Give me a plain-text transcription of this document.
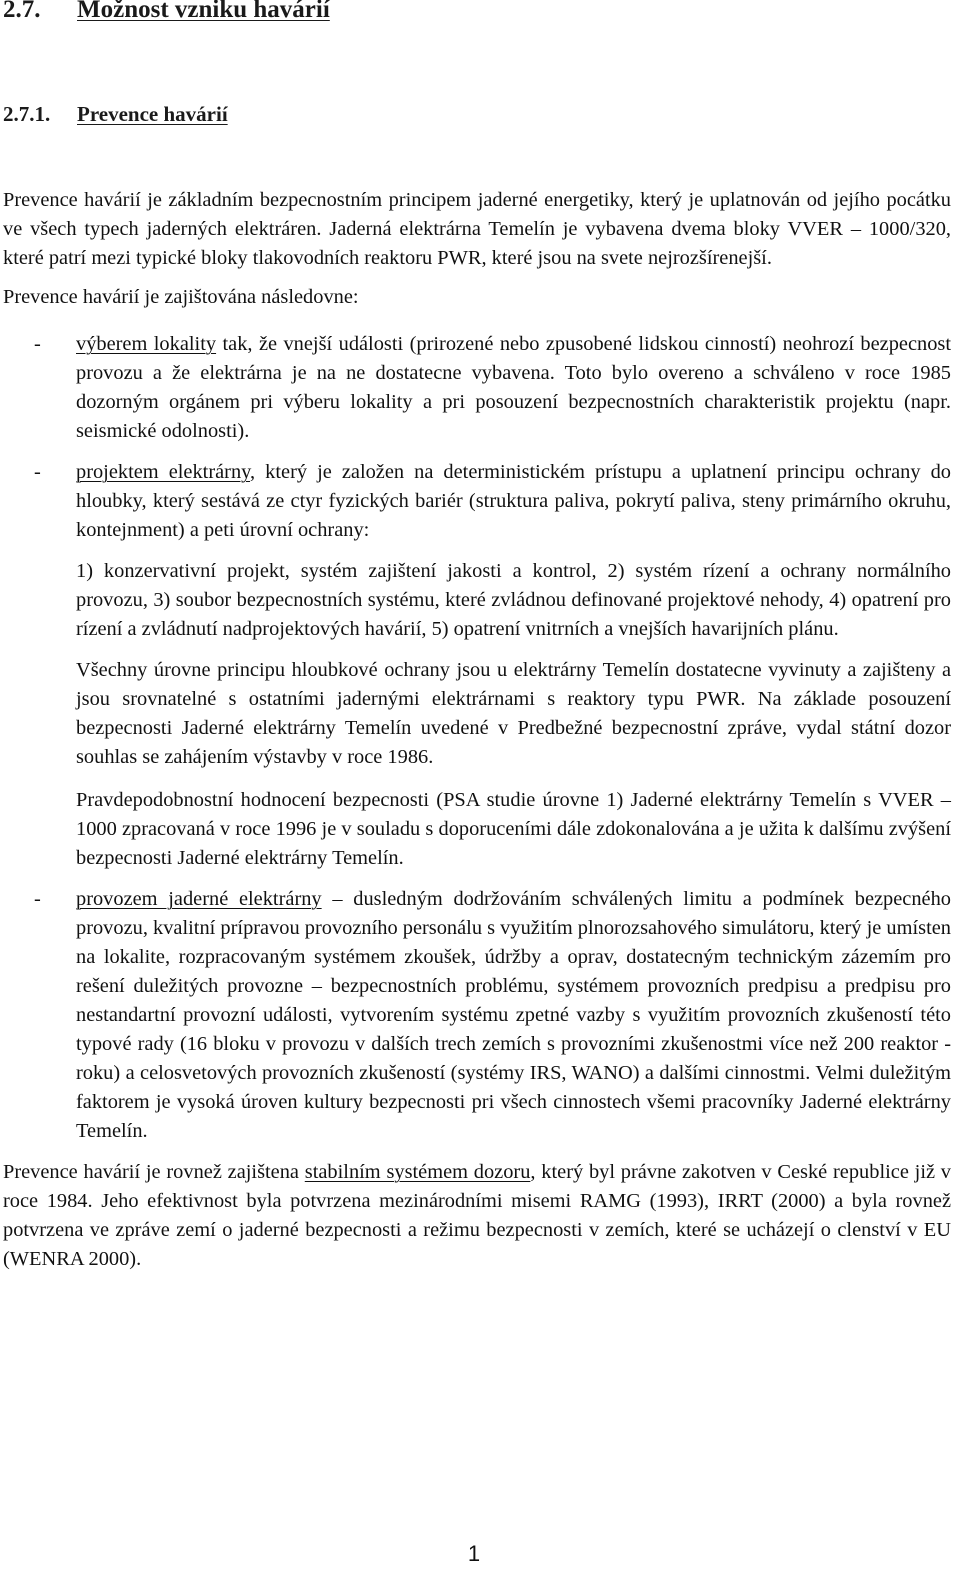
2.7. Možnost vzniku havárií
2.7.1. Prevence havárií

Prevence havárií je základním bezpecnostním principem jaderné energetiky, který je uplatnován od jejího pocátku ve všech typech jaderných elektráren. Jaderná elektrárna Temelín je vybavena dvema bloky VVER – 1000/320, které patrí mezi typické bloky tlakovodních reaktoru PWR, které jsou na svete nejrozšírenejší.

Prevence havárií je zajištována následovne:

- výberem lokality tak, že vnejší události (prirozené nebo zpusobené lidskou cinností) neohrozí bezpecnost provozu a že elektrárna je na ne dostatecne vybavena. Toto bylo overeno a schváleno v roce 1985 dozorným orgánem pri výberu lokality a pri posouzení bezpecnostních charakteristik projektu (napr. seismické odolnosti).

- projektem elektrárny, který je založen na deterministickém prístupu a uplatnení principu ochrany do hloubky, který sestává ze ctyr fyzických bariér (struktura paliva, pokrytí paliva, steny primárního okruhu, kontejnment) a peti úrovní ochrany:

1) konzervativní projekt, systém zajištení jakosti a kontrol, 2) systém rízení a ochrany normálního provozu, 3) soubor bezpecnostních systému, které zvládnou definované projektové nehody, 4) opatrení pro rízení a zvládnutí nadprojektových havárií, 5) opatrení vnitrních a vnejších havarijních plánu.

Všechny úrovne principu hloubkové ochrany jsou u elektrárny Temelín dostatecne vyvinuty a zajišteny a jsou srovnatelné s ostatními jadernými elektrárnami s reaktory typu PWR. Na základe posouzení bezpecnosti Jaderné elektrárny Temelín uvedené v Predbežné bezpecnostní zpráve, vydal státní dozor souhlas se zahájením výstavby v roce 1986.

Pravdepodobnostní hodnocení bezpecnosti (PSA studie úrovne 1) Jaderné elektrárny Temelín s VVER – 1000 zpracovaná v roce 1996 je v souladu s doporuceními dále zdokonalována a je užita k dalšímu zvýšení bezpecnosti Jaderné elektrárny Temelín.

- provozem jaderné elektrárny – dusledným dodržováním schválených limitu a podmínek bezpecného provozu, kvalitní prípravou provozního personálu s využitím plnorozsahového simulátoru, který je umísten na lokalite, rozpracovaným systémem zkoušek, údržby a oprav, dostatecným technickým zázemím pro rešení duležitých provozne – bezpecnostních problému, systémem provozních predpisu a predpisu pro nestandartní provozní události, vytvorením systému zpetné vazby s využitím provozních zkušeností této typové rady (16 bloku v provozu v dalších trech zemích s provozními zkušenostmi více než 200 reaktor - roku) a celosvetových provozních zkušeností (systémy IRS, WANO) a dalšími cinnostmi. Velmi duležitým faktorem je vysoká úroven kultury bezpecnosti pri všech cinnostech všemi pracovníky Jaderné elektrárny Temelín.

Prevence havárií je rovnež zajištena stabilním systémem dozoru, který byl právne zakotven v Ceské republice již v roce 1984. Jeho efektivnost byla potvrzena mezinárodními misemi RAMG (1993), IRRT (2000) a byla rovnež potvrzena ve zpráve zemí o jaderné bezpecnosti a režimu bezpecnosti v zemích, které se ucházejí o clenství v EU (WENRA 2000).

1
